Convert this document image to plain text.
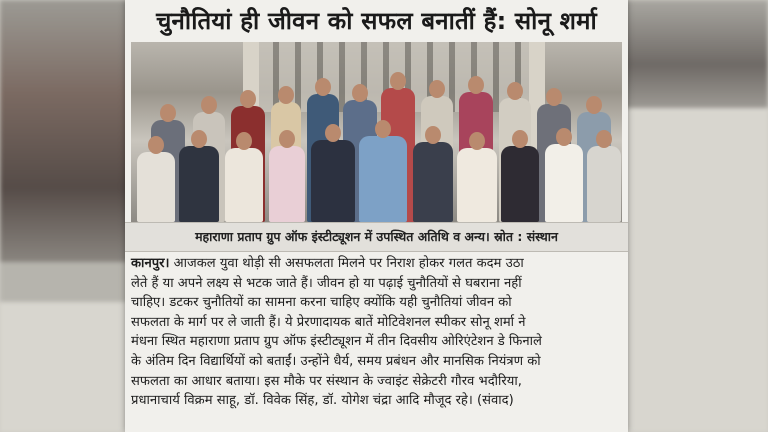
चुनौतियां ही जीवन को सफल बनातीं हैं: सोनू शर्मा
महाराणा प्रताप ग्रुप ऑफ इंस्टीट्यूशन में उपस्थित अतिथि व अन्य। स्रोत : संस्थान
कानपुर। आजकल युवा थोड़ी सी असफलता मिलने पर निराश होकर गलत कदम उठा
लेते हैं या अपने लक्ष्य से भटक जाते हैं। जीवन हो या पढ़ाई चुनौतियों से घबराना नहीं
चाहिए। डटकर चुनौतियों का सामना करना चाहिए क्योंकि यही चुनौतियां जीवन को
सफलता के मार्ग पर ले जाती हैं। ये प्रेरणादायक बातें मोटिवेशनल स्पीकर सोनू शर्मा ने
मंधना स्थित महाराणा प्रताप ग्रुप ऑफ इंस्टीट्यूशन में तीन दिवसीय ओरिएंटेशन डे फिनाले
के अंतिम दिन विद्यार्थियों को बताईं। उन्होंने धैर्य, समय प्रबंधन और मानसिक नियंत्रण को
सफलता का आधार बताया। इस मौके पर संस्थान के ज्वाइंट सेक्रेटरी गौरव भदौरिया,
प्रधानाचार्य विक्रम साहू, डॉ. विवेक सिंह, डॉ. योगेश चंद्रा आदि मौजूद रहे। (संवाद)
